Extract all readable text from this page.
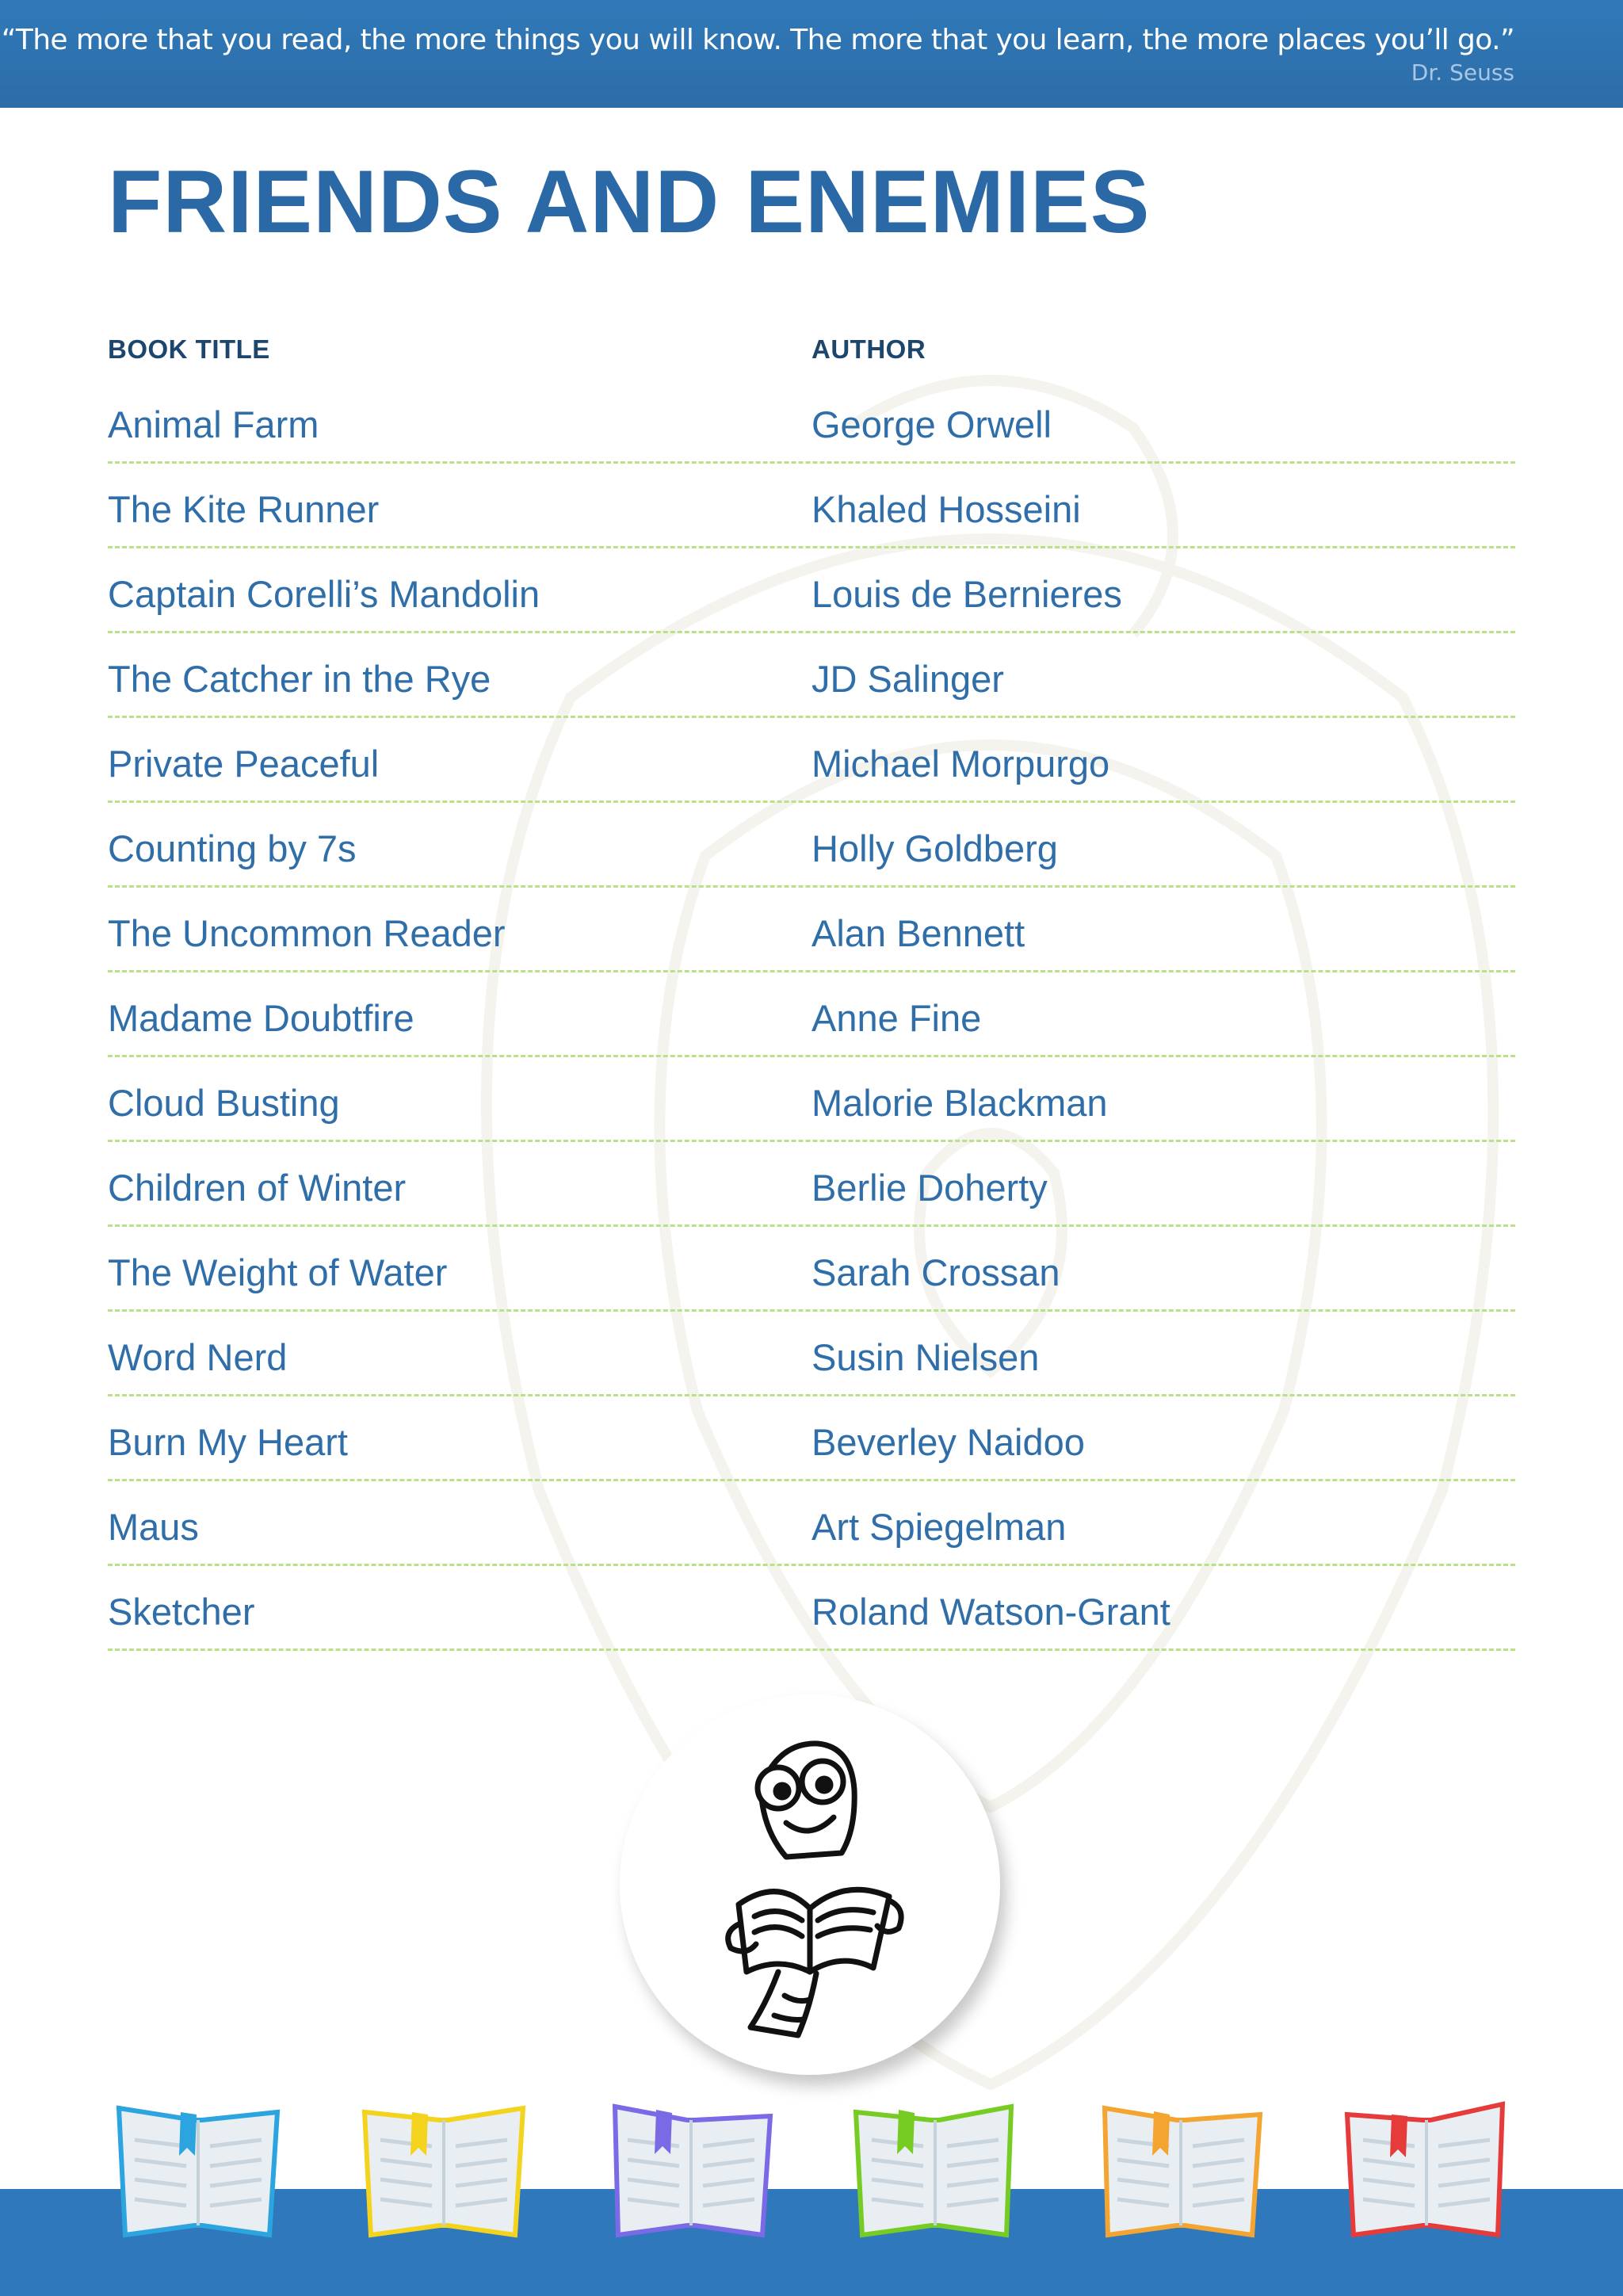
“The more that you read, the more things you will know. The more that you learn, the more places you’ll go.”
Dr. Seuss
FRIENDS AND ENEMIES
BOOK TITLE	AUTHOR
Animal Farm	George Orwell
The Kite Runner	Khaled Hosseini
Captain Corelli’s Mandolin	Louis de Bernieres
The Catcher in the Rye	JD Salinger
Private Peaceful	Michael Morpurgo
Counting by 7s	Holly Goldberg
The Uncommon Reader	Alan Bennett
Madame Doubtfire	Anne Fine
Cloud Busting	Malorie Blackman
Children of Winter	Berlie Doherty
The Weight of Water	Sarah Crossan
Word Nerd	Susin Nielsen
Burn My Heart	Beverley Naidoo
Maus	Art Spiegelman
Sketcher	Roland Watson-Grant
